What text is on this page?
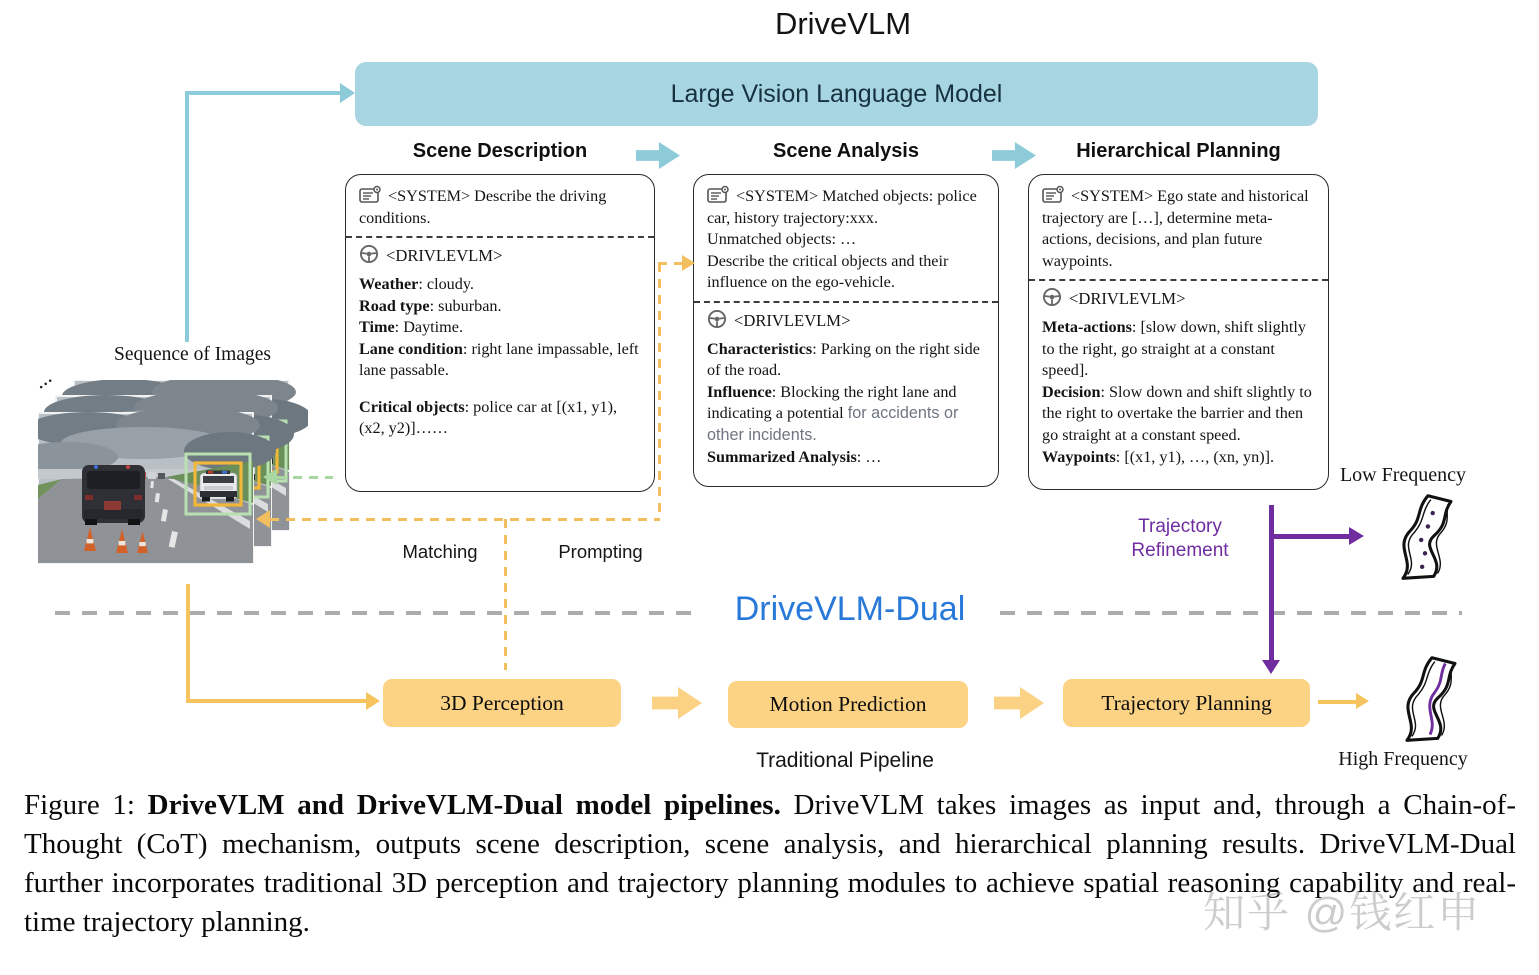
DriveVLM
Large Vision Language Model
Scene Description	Scene Analysis	Hierarchical Planning
<SYSTEM> Describe the driving conditions.
<DRIVLEVLM>
Weather: cloudy.
Road type: suburban.
Time: Daytime.
Lane condition: right lane impassable, left lane passable.
Critical objects: police car at [(x1, y1), (x2, y2)]……
<SYSTEM> Matched objects: police car, history trajectory:xxx.
Unmatched objects: …
Describe the critical objects and their influence on the ego-vehicle.
<DRIVLEVLM>
Characteristics: Parking on the right side of the road.
Influence: Blocking the right lane and indicating a potential for accidents or other incidents.
Summarized Analysis: …
<SYSTEM> Ego state and historical trajectory are […], determine meta-actions, decisions, and plan future waypoints.
<DRIVLEVLM>
Meta-actions: [slow down, shift slightly to the right, go straight at a constant speed].
Decision: Slow down and shift slightly to the right to overtake the barrier and then go straight at a constant speed.
Waypoints: [(x1, y1), …, (xn, yn)].
...
Sequence of Images
Matching	Prompting
DriveVLM-Dual
3D Perception	Motion Prediction	Trajectory Planning
Traditional Pipeline
Trajectory
Refinement
Low Frequency
High Frequency
Figure 1: DriveVLM and DriveVLM-Dual model pipelines. DriveVLM takes images as input and, through a Chain-of-Thought (CoT) mechanism, outputs scene description, scene analysis, and hierarchical planning results. DriveVLM-Dual further incorporates traditional 3D perception and trajectory planning modules to achieve spatial reasoning capability and real-time trajectory planning.	知乎 @钱红申
